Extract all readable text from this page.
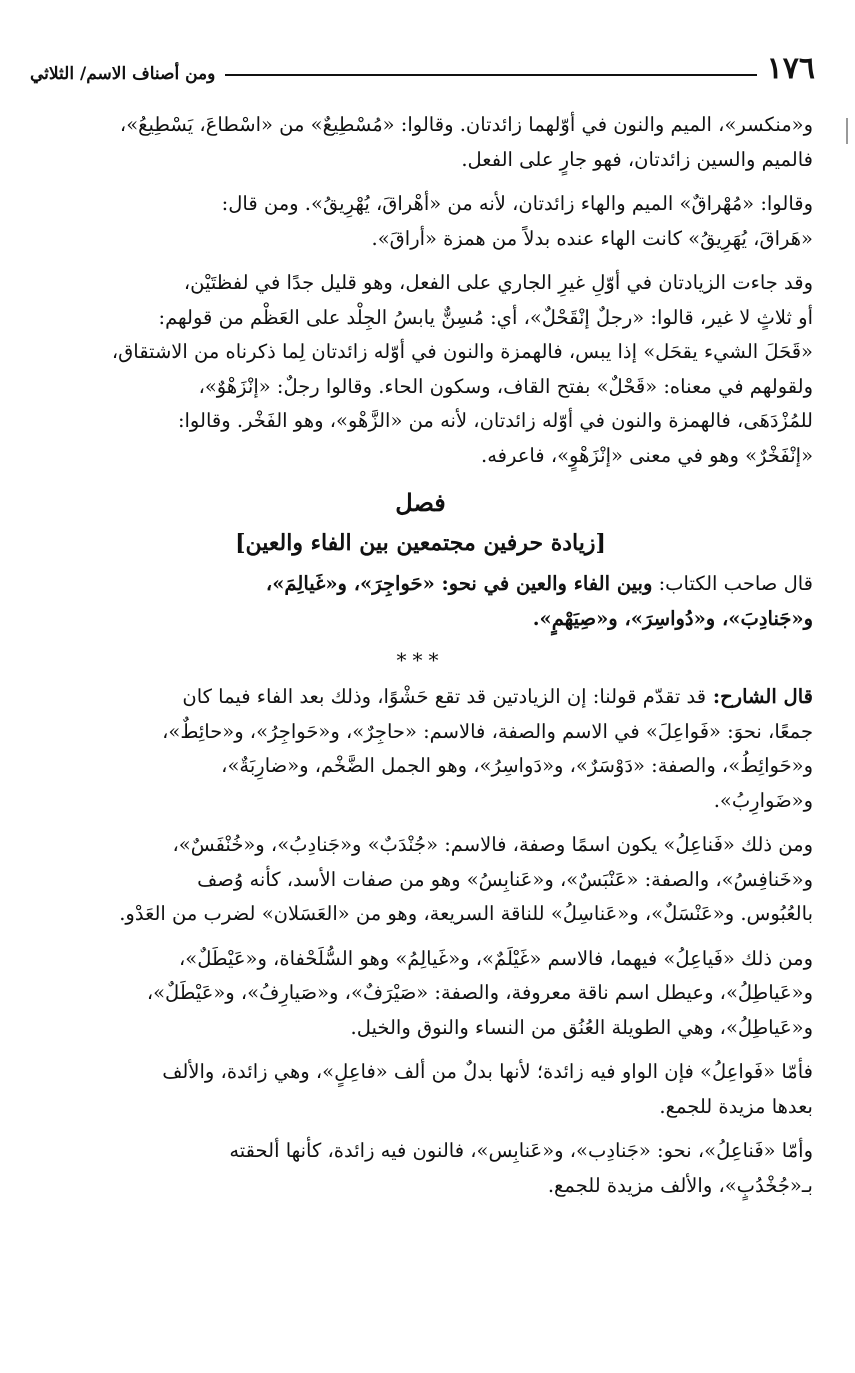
١٧٦
ومن أصناف الاسم/ الثلاثي

و«منكسر»، الميم والنون في أوّلهما زائدتان. وقالوا: «مُسْطِيعٌ» من «اسْطاعَ، يَسْطِيعُ»،

فالميم والسين زائدتان، فهو جارٍ على الفعل.

وقالوا: «مُهْراقٌ» الميم والهاء زائدتان، لأنه من «أهْراقَ، يُهْرِيقُ». ومن قال:

«هَراقَ، يُهَرِيقُ» كانت الهاء عنده بدلاً من همزة «أراقَ».

وقد جاءت الزيادتان في أوّلِ غيرِ الجاري على الفعل، وهو قليل جدًا في لفظتَيْن،

أو ثلاثٍ لا غير، قالوا: «رجلٌ إنْقَحْلٌ»، أي: مُسِنٌّ يابسُ الجِلْد على العَظْم من قولهم:

«قَحَلَ الشيء يقحَل» إذا يبس، فالهمزة والنون في أوّله زائدتان لِما ذكرناه من الاشتقاق،

ولقولهم في معناه: «قَحْلٌ» بفتح القاف، وسكون الحاء. وقالوا رجلٌ: «إنْزَهْوٌ»،

للمُزْدَهَى، فالهمزة والنون في أوّله زائدتان، لأنه من «الزَّهْو»، وهو الفَخْر. وقالوا:

«إنْفَخْرٌ» وهو في معنى «إنْزَهْوٍ»، فاعرفه.

فصل
[زيادة حرفين مجتمعين بين الفاء والعين]

قال صاحب الكتاب: وبين الفاء والعين في نحو: «حَواجِرَ»، و«غَيالِمَ»،

و«جَنادِبَ»، و«دُواسِرَ»، و«صِيَهْمٍ».

***

قال الشارح: قد تقدّم قولنا: إن الزيادتين قد تقع حَشْوًا، وذلك بعد الفاء فيما كان

جمعًا، نحوَ: «فَواعِلَ» في الاسم والصفة، فالاسم: «حاجِرٌ»، و«حَواجِرُ»، و«حائِطٌ»،

و«حَوائِطُ»، والصفة: «دَوْسَرٌ»، و«دَواسِرُ»، وهو الجمل الضَّخْم، و«ضارِبَةٌ»،

و«ضَوارِبُ».

ومن ذلك «فَناعِلُ» يكون اسمًا وصفة، فالاسم: «جُنْدَبٌ» و«جَنادِبُ»، و«خُنْفَسٌ»،

و«خَنافِسُ»، والصفة: «عَنْبَسٌ»، و«عَنابِسُ» وهو من صفات الأسد، كأنه وُصف

بالعُبُوس. و«عَنْسَلٌ»، و«عَناسِلُ» للناقة السريعة، وهو من «العَسَلان» لضرب من العَدْو.

ومن ذلك «فَياعِلُ» فيهما، فالاسم «غَيْلَمٌ»، و«غَيالِمُ» وهو السُّلَحْفاة، و«عَيْطَلٌ»،

و«عَياطِلُ»، وعيطل اسم ناقة معروفة، والصفة: «صَيْرَفٌ»، و«صَيارِفُ»، و«عَيْطَلٌ»،

و«عَياطِلُ»، وهي الطويلة العُنُق من النساء والنوق والخيل.

فأمّا «فَواعِلُ» فإن الواو فيه زائدة؛ لأنها بدلٌ من ألف «فاعِلٍ»، وهي زائدة، والألف

بعدها مزيدة للجمع.

وأمّا «فَناعِلُ»، نحو: «جَنادِب»، و«عَنابِس»، فالنون فيه زائدة، كأنها ألحقته

بـ«جُخْدُبٍ»، والألف مزيدة للجمع.
